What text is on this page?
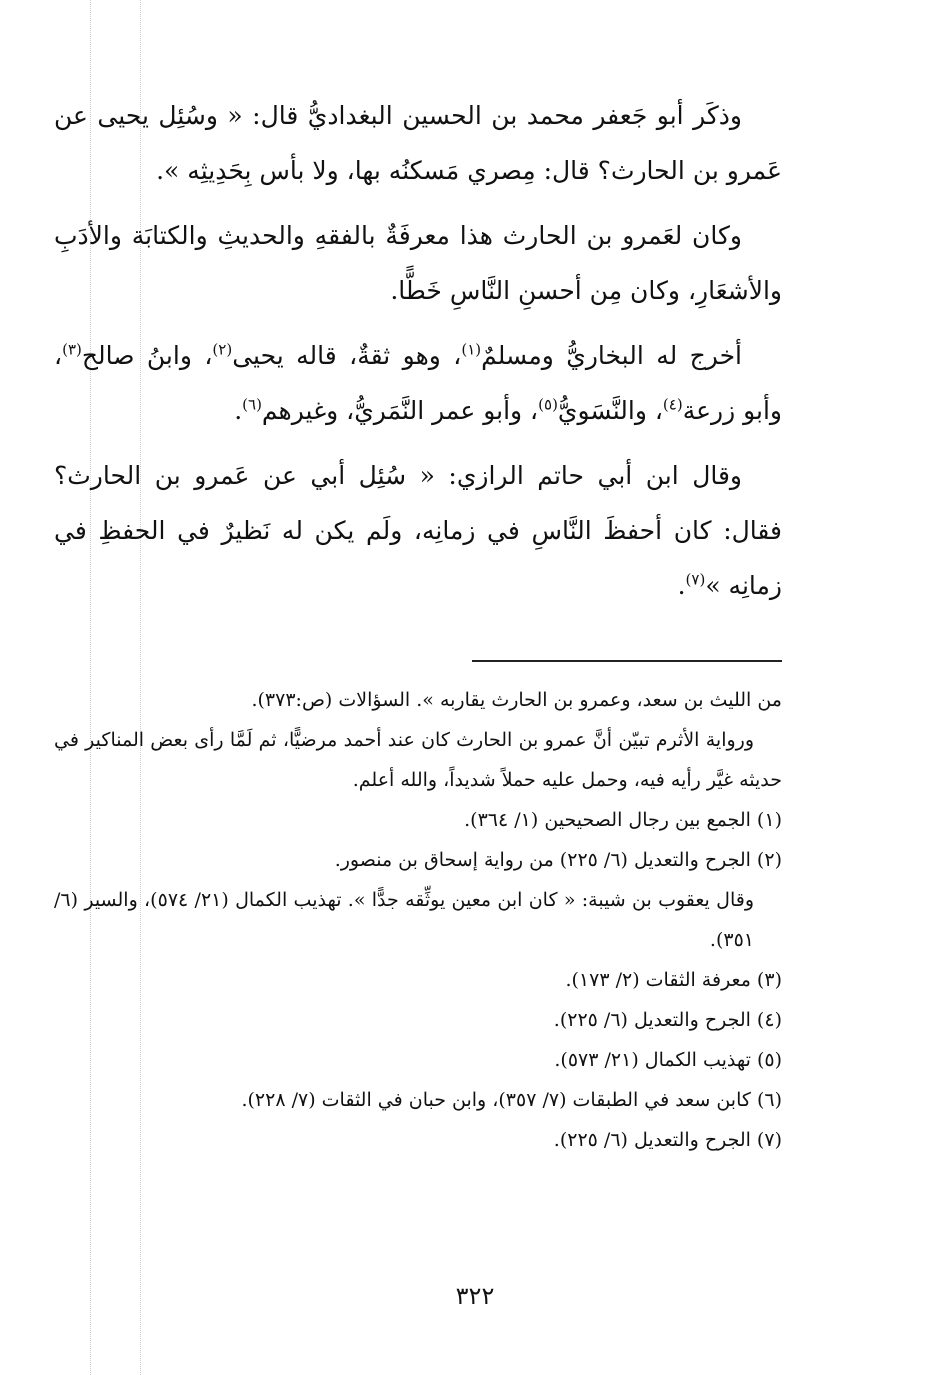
وذكَر أبو جَعفر محمد بن الحسين البغداديُّ قال: « وسُئِل يحيى عن عَمرو بن الحارث؟ قال: مِصري مَسكنُه بها، ولا بأس بِحَدِيثِه ».

وكان لعَمرو بن الحارث هذا معرفَةٌ بالفقهِ والحديثِ والكتابَة والأدَبِ والأشعَارِ، وكان مِن أحسنِ النَّاسِ خَطًّا.

أخرج له البخاريُّ ومسلمٌ$^{(١)}$، وهو ثقةٌ، قاله يحيى$^{(٢)}$، وابنُ صالح$^{(٣)}$، وأبو زرعة$^{(٤)}$، والنَّسَويُّ$^{(٥)}$، وأبو عمر النَّمَريُّ، وغيرهم$^{(٦)}$.

وقال ابن أبي حاتم الرازي: « سُئِل أبي عن عَمرو بن الحارث؟ فقال: كان أحفظَ النَّاسِ في زمانِه، ولَم يكن له نَظيرٌ في الحفظِ في زمانِه »$^{(٧)}$.

من الليث بن سعد، وعمرو بن الحارث يقاربه ». السؤالات (ص:٣٧٣).

ورواية الأثرم تبيّن أنَّ عمرو بن الحارث كان عند أحمد مرضيًّا، ثم لَمَّا رأى بعض المناكير في حديثه غيَّر رأيه فيه، وحمل عليه حملاً شديداً، والله أعلم.

(١) الجمع بين رجال الصحيحين (١/ ٣٦٤).

(٢) الجرح والتعديل (٦/ ٢٢٥) من رواية إسحاق بن منصور.

وقال يعقوب بن شيبة: « كان ابن معين يوثِّقه جدًّا ». تهذيب الكمال (٢١/ ٥٧٤)، والسير (٦/ ٣٥١).

(٣) معرفة الثقات (٢/ ١٧٣).

(٤) الجرح والتعديل (٦/ ٢٢٥).

(٥) تهذيب الكمال (٢١/ ٥٧٣).

(٦) كابن سعد في الطبقات (٧/ ٣٥٧)، وابن حبان في الثقات (٧/ ٢٢٨).

(٧) الجرح والتعديل (٦/ ٢٢٥).

٣٢٢
